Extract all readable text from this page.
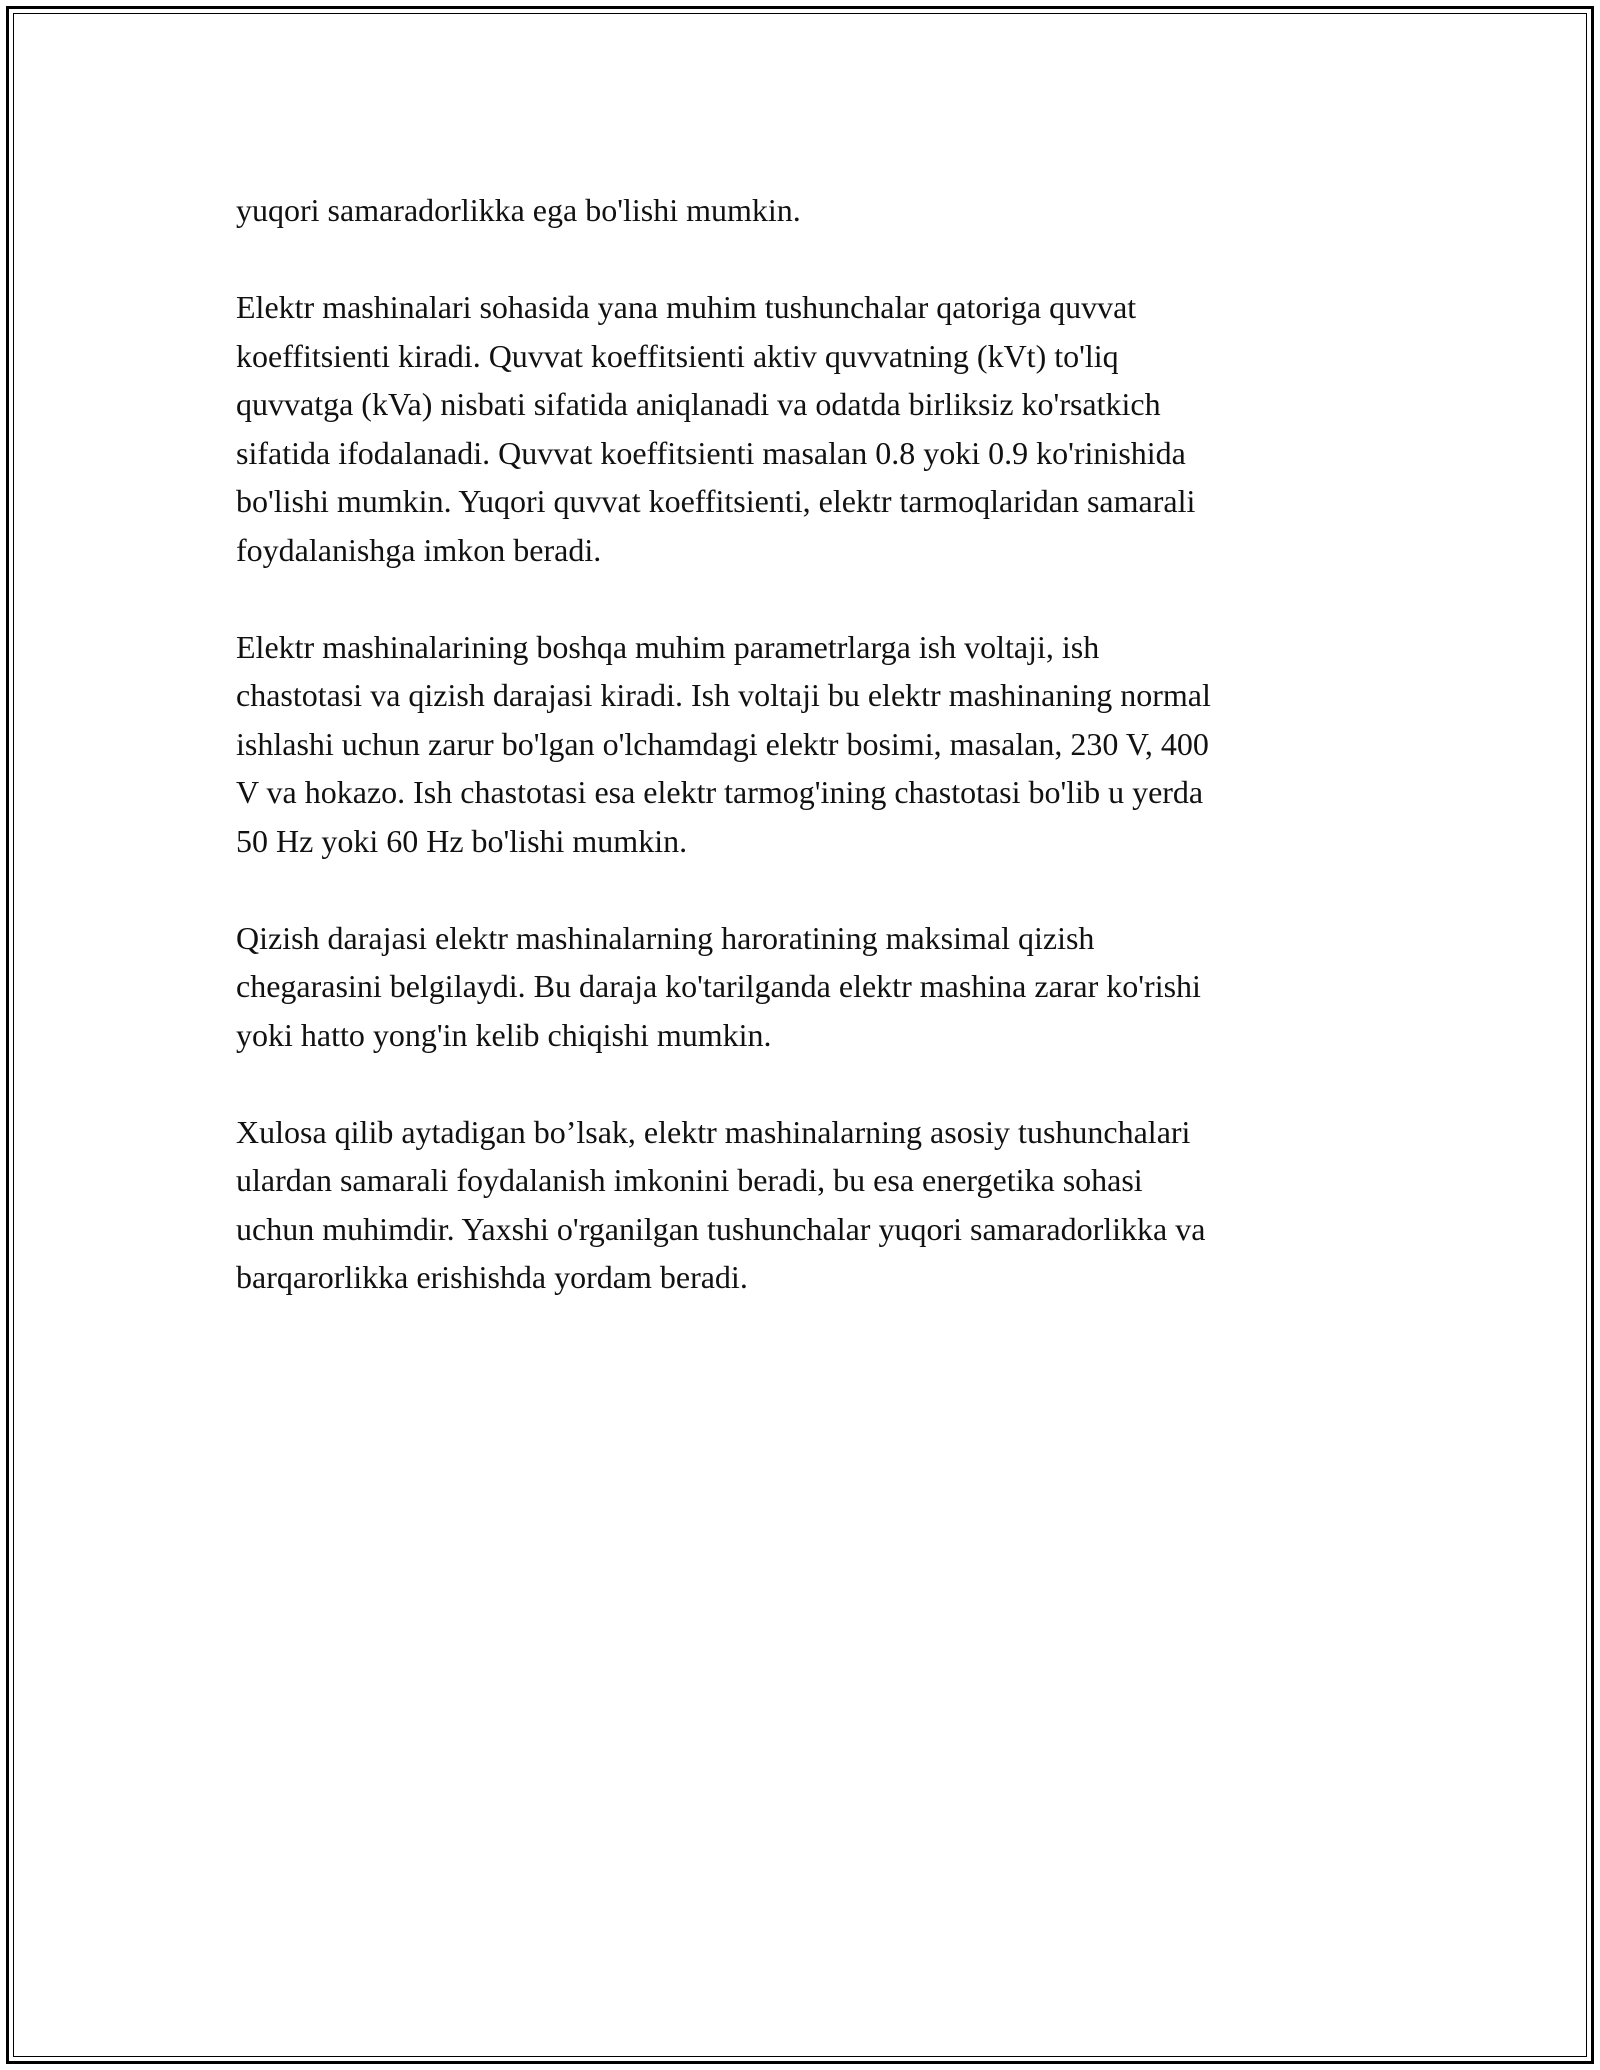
yuqori samaradorlikka ega bo'lishi mumkin.

Elektr mashinalari sohasida yana muhim tushunchalar qatoriga quvvat
koeffitsienti kiradi. Quvvat koeffitsienti aktiv quvvatning (kVt) to'liq
quvvatga (kVa) nisbati sifatida aniqlanadi va odatda birliksiz ko'rsatkich
sifatida ifodalanadi. Quvvat koeffitsienti masalan 0.8 yoki 0.9 ko'rinishida
bo'lishi mumkin. Yuqori quvvat koeffitsienti, elektr tarmoqlaridan samarali
foydalanishga imkon beradi.

Elektr mashinalarining boshqa muhim parametrlarga ish voltaji, ish
chastotasi va qizish darajasi kiradi. Ish voltaji bu elektr mashinaning normal
ishlashi uchun zarur bo'lgan o'lchamdagi elektr bosimi, masalan, 230 V, 400
V va hokazo. Ish chastotasi esa elektr tarmog'ining chastotasi bo'lib u yerda
50 Hz yoki 60 Hz bo'lishi mumkin.

Qizish darajasi elektr mashinalarning haroratining maksimal qizish
chegarasini belgilaydi. Bu daraja ko'tarilganda elektr mashina zarar ko'rishi
yoki hatto yong'in kelib chiqishi mumkin.

Xulosa qilib aytadigan bo’lsak, elektr mashinalarning asosiy tushunchalari
ulardan samarali foydalanish imkonini beradi, bu esa energetika sohasi
uchun muhimdir. Yaxshi o'rganilgan tushunchalar yuqori samaradorlikka va
barqarorlikka erishishda yordam beradi.
